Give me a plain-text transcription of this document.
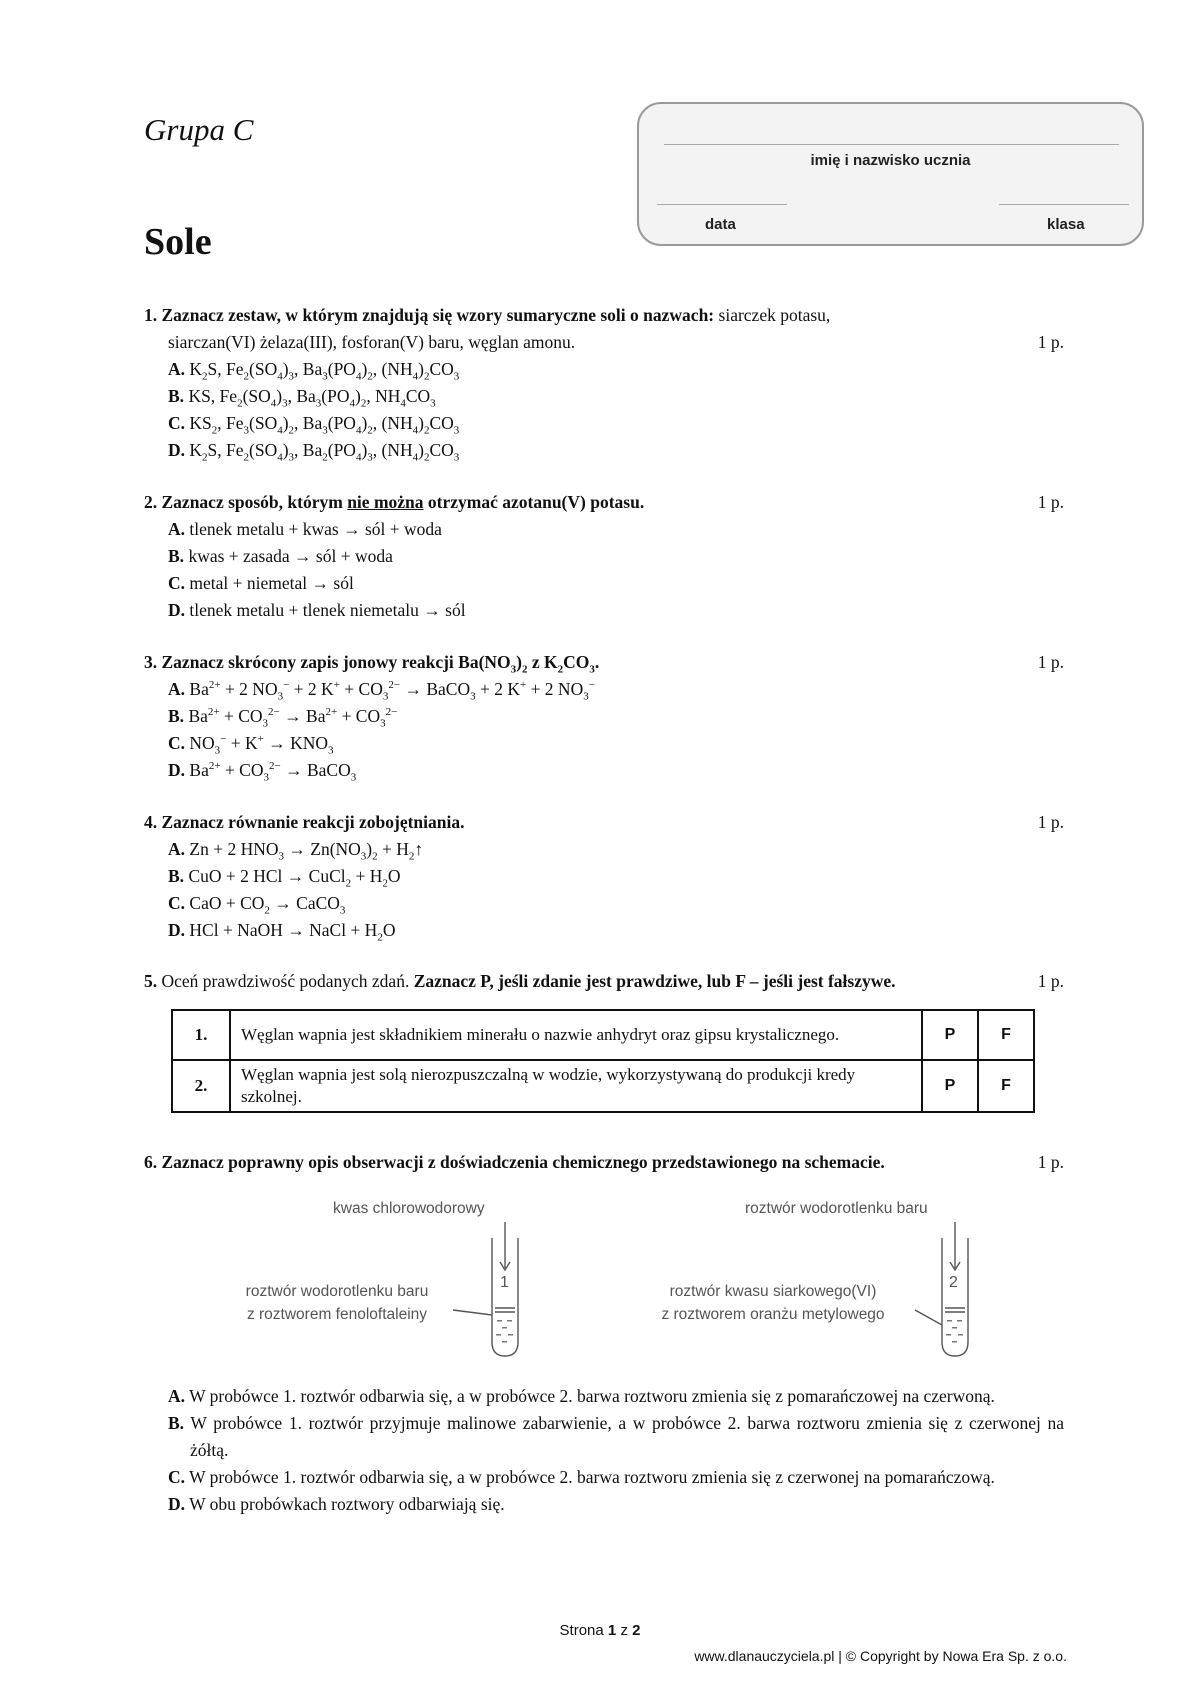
Grupa C
Sole
imię i nazwisko ucznia
data	klasa
1. Zaznacz zestaw, w którym znajdują się wzory sumaryczne soli o nazwach: siarczek potasu,
siarczan(VI) żelaza(III), fosforan(V) baru, węglan amonu.	1 p.
A. $K_2S$, $Fe_2(SO_4)_3$, $Ba_3(PO_4)_2$, $(NH_4)_2CO_3$
B. KS, $Fe_2(SO_4)_3$, $Ba_3(PO_4)_2$, $NH_4CO_3$
C. $KS_2$, $Fe_3(SO_4)_2$, $Ba_3(PO_4)_2$, $(NH_4)_2CO_3$
D. $K_2S$, $Fe_2(SO_4)_3$, $Ba_2(PO_4)_3$, $(NH_4)_2CO_3$
2. Zaznacz sposób, którym nie można otrzymać azotanu(V) potasu.	1 p.
A. tlenek metalu + kwas → sól + woda
B. kwas + zasada → sól + woda
C. metal + niemetal → sól
D. tlenek metalu + tlenek niemetalu → sól
3. Zaznacz skrócony zapis jonowy reakcji $Ba(NO_3)_2$ z $K_2CO_3$.	1 p.
A. $Ba^{2+} + 2$ $NO_3^- + 2$ $K^+ + CO_3^{2-}$ → BaCO$_3$ + 2 K+ + 2 $NO_3^-$
B. $Ba^{2+} + CO_3^{2-} \to Ba^{2+} + CO_3^{2-}$
C. $NO_3^- + K^+ \to KNO_3$
D. $Ba^{2+} + CO_3^{2-}$ → BaCO$_3$
4. Zaznacz równanie reakcji zobojętniania.	1 p.
A. Zn + 2 $HNO_3 \to Zn(NO_3)_2$ + $H_2↑$
B. CuO + 2 HCl → CuCl$_2$ + $H_2O$
C. CaO + $CO_2$ → CaCO$_3$
D. HCl + NaOH → NaCl + $H_2O$
5. Oceń prawdziwość podanych zdań. Zaznacz P, jeśli zdanie jest prawdziwe, lub F – jeśli jest fałszywe.	1 p.
1.	Węglan wapnia jest składnikiem minerału o nazwie anhydryt oraz gipsu krystalicznego.	P	F
2.	Węglan wapnia jest solą nierozpuszczalną w wodzie, wykorzystywaną do produkcji kredy szkolnej.	P	F
6. Zaznacz poprawny opis obserwacji z doświadczenia chemicznego przedstawionego na schemacie.	1 p.
kwas chlorowodorowy
roztwór wodorotlenku baru
z roztworem fenoloftaleiny
roztwór wodorotlenku baru
roztwór kwasu siarkowego(VI)
z roztworem oranżu metylowego
1	2
A. W probówce 1. roztwór odbarwia się, a w probówce 2. barwa roztworu zmienia się z pomarańczowej na czerwoną.
B. W probówce 1. roztwór przyjmuje malinowe zabarwienie, a w probówce 2. barwa roztworu zmienia się z czerwonej na żółtą.
C. W probówce 1. roztwór odbarwia się, a w probówce 2. barwa roztworu zmienia się z czerwonej na pomarańczową.
D. W obu probówkach roztwory odbarwiają się.
Strona 1 z 2
www.dlanauczyciela.pl | © Copyright by Nowa Era Sp. z o.o.
